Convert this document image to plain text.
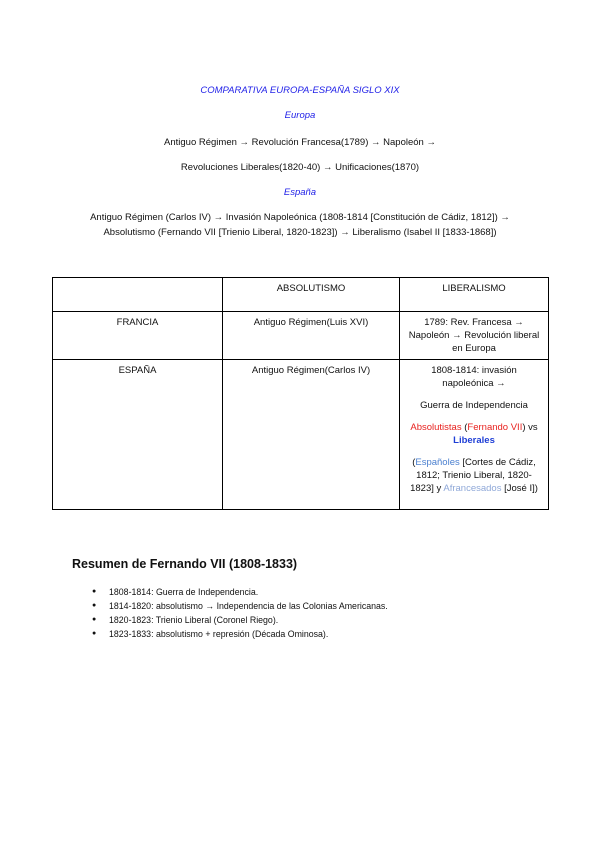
COMPARATIVA EUROPA-ESPAÑA SIGLO XIX
Europa
Antiguo Régimen → Revolución Francesa(1789) → Napoleón →
Revoluciones Liberales(1820-40) → Unificaciones(1870)
España
Antiguo Régimen (Carlos IV) → Invasión Napoleónica (1808-1814 [Constitución de Cádiz, 1812]) →
Absolutismo (Fernando VII [Trienio Liberal, 1820-1823]) → Liberalismo (Isabel II [1833-1868])
	ABSOLUTISMO	LIBERALISMO
FRANCIA	Antiguo Régimen(Luis XVI)	1789: Rev. Francesa → Napoleón → Revolución liberal en Europa
ESPAÑA	Antiguo Régimen(Carlos IV)	1808-1814: invasión napoleónica →
Guerra de Independencia
Absolutistas (Fernando VII) vs
Liberales
(Españoles [Cortes de Cádiz, 1812; Trienio Liberal, 1820-1823] y Afrancesados [José I])
Resumen de Fernando VII (1808-1833)
● 1808-1814: Guerra de Independencia.
● 1814-1820: absolutismo → Independencia de las Colonias Americanas.
● 1820-1823: Trienio Liberal (Coronel Riego).
● 1823-1833: absolutismo + represión (Década Ominosa).
